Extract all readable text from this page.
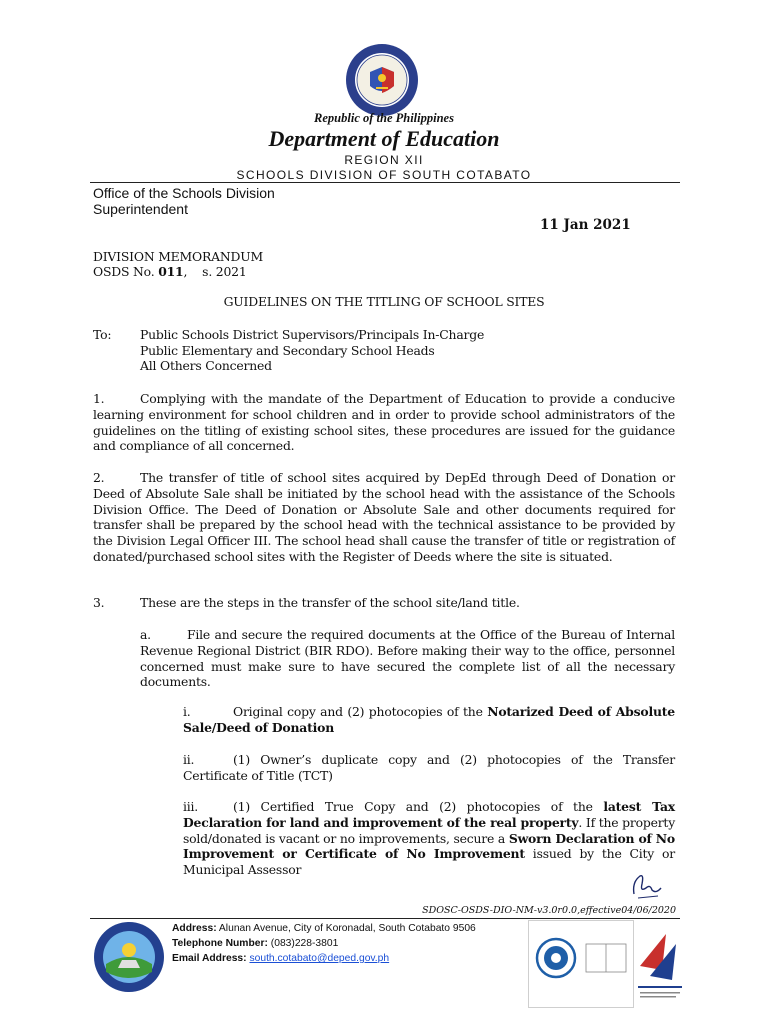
Republic of the Philippines
Department of Education
REGION XII
SCHOOLS DIVISION OF SOUTH COTABATO
Office of the Schools Division
Superintendent
11 Jan 2021
DIVISION MEMORANDUM
OSDS No. 011, s. 2021
GUIDELINES ON THE TITLING OF SCHOOL SITES
To: Public Schools District Supervisors/Principals In-Charge
Public Elementary and Secondary School Heads
All Others Concerned
1.	Complying with the mandate of the Department of Education to provide a conducive learning environment for school children and in order to provide school administrators of the guidelines on the titling of existing school sites, these procedures are issued for the guidance and compliance of all concerned.
2.	The transfer of title of school sites acquired by DepEd through Deed of Donation or Deed of Absolute Sale shall be initiated by the school head with the assistance of the Schools Division Office. The Deed of Donation or Absolute Sale and other documents required for transfer shall be prepared by the school head with the technical assistance to be provided by the Division Legal Officer III. The school head shall cause the transfer of title or registration of donated/purchased school sites with the Register of Deeds where the site is situated.
3.	These are the steps in the transfer of the school site/land title.
a.	File and secure the required documents at the Office of the Bureau of Internal Revenue Regional District (BIR RDO). Before making their way to the office, personnel concerned must make sure to have secured the complete list of all the necessary documents.
i.	Original copy and (2) photocopies of the Notarized Deed of Absolute Sale/Deed of Donation
ii.	(1) Owner’s duplicate copy and (2) photocopies of the Transfer Certificate of Title (TCT)
iii.	(1) Certified True Copy and (2) photocopies of the latest Tax Declaration for land and improvement of the real property. If the property sold/donated is vacant or no improvements, secure a Sworn Declaration of No Improvement or Certificate of No Improvement issued by the City or Municipal Assessor
SDOSC-OSDS-DIO-NM-v3.0r0.0,effective04/06/2020
Address: Alunan Avenue, City of Koronadal, South Cotabato 9506
Telephone Number: (083)228-3801
Email Address: south.cotabato@deped.gov.ph
